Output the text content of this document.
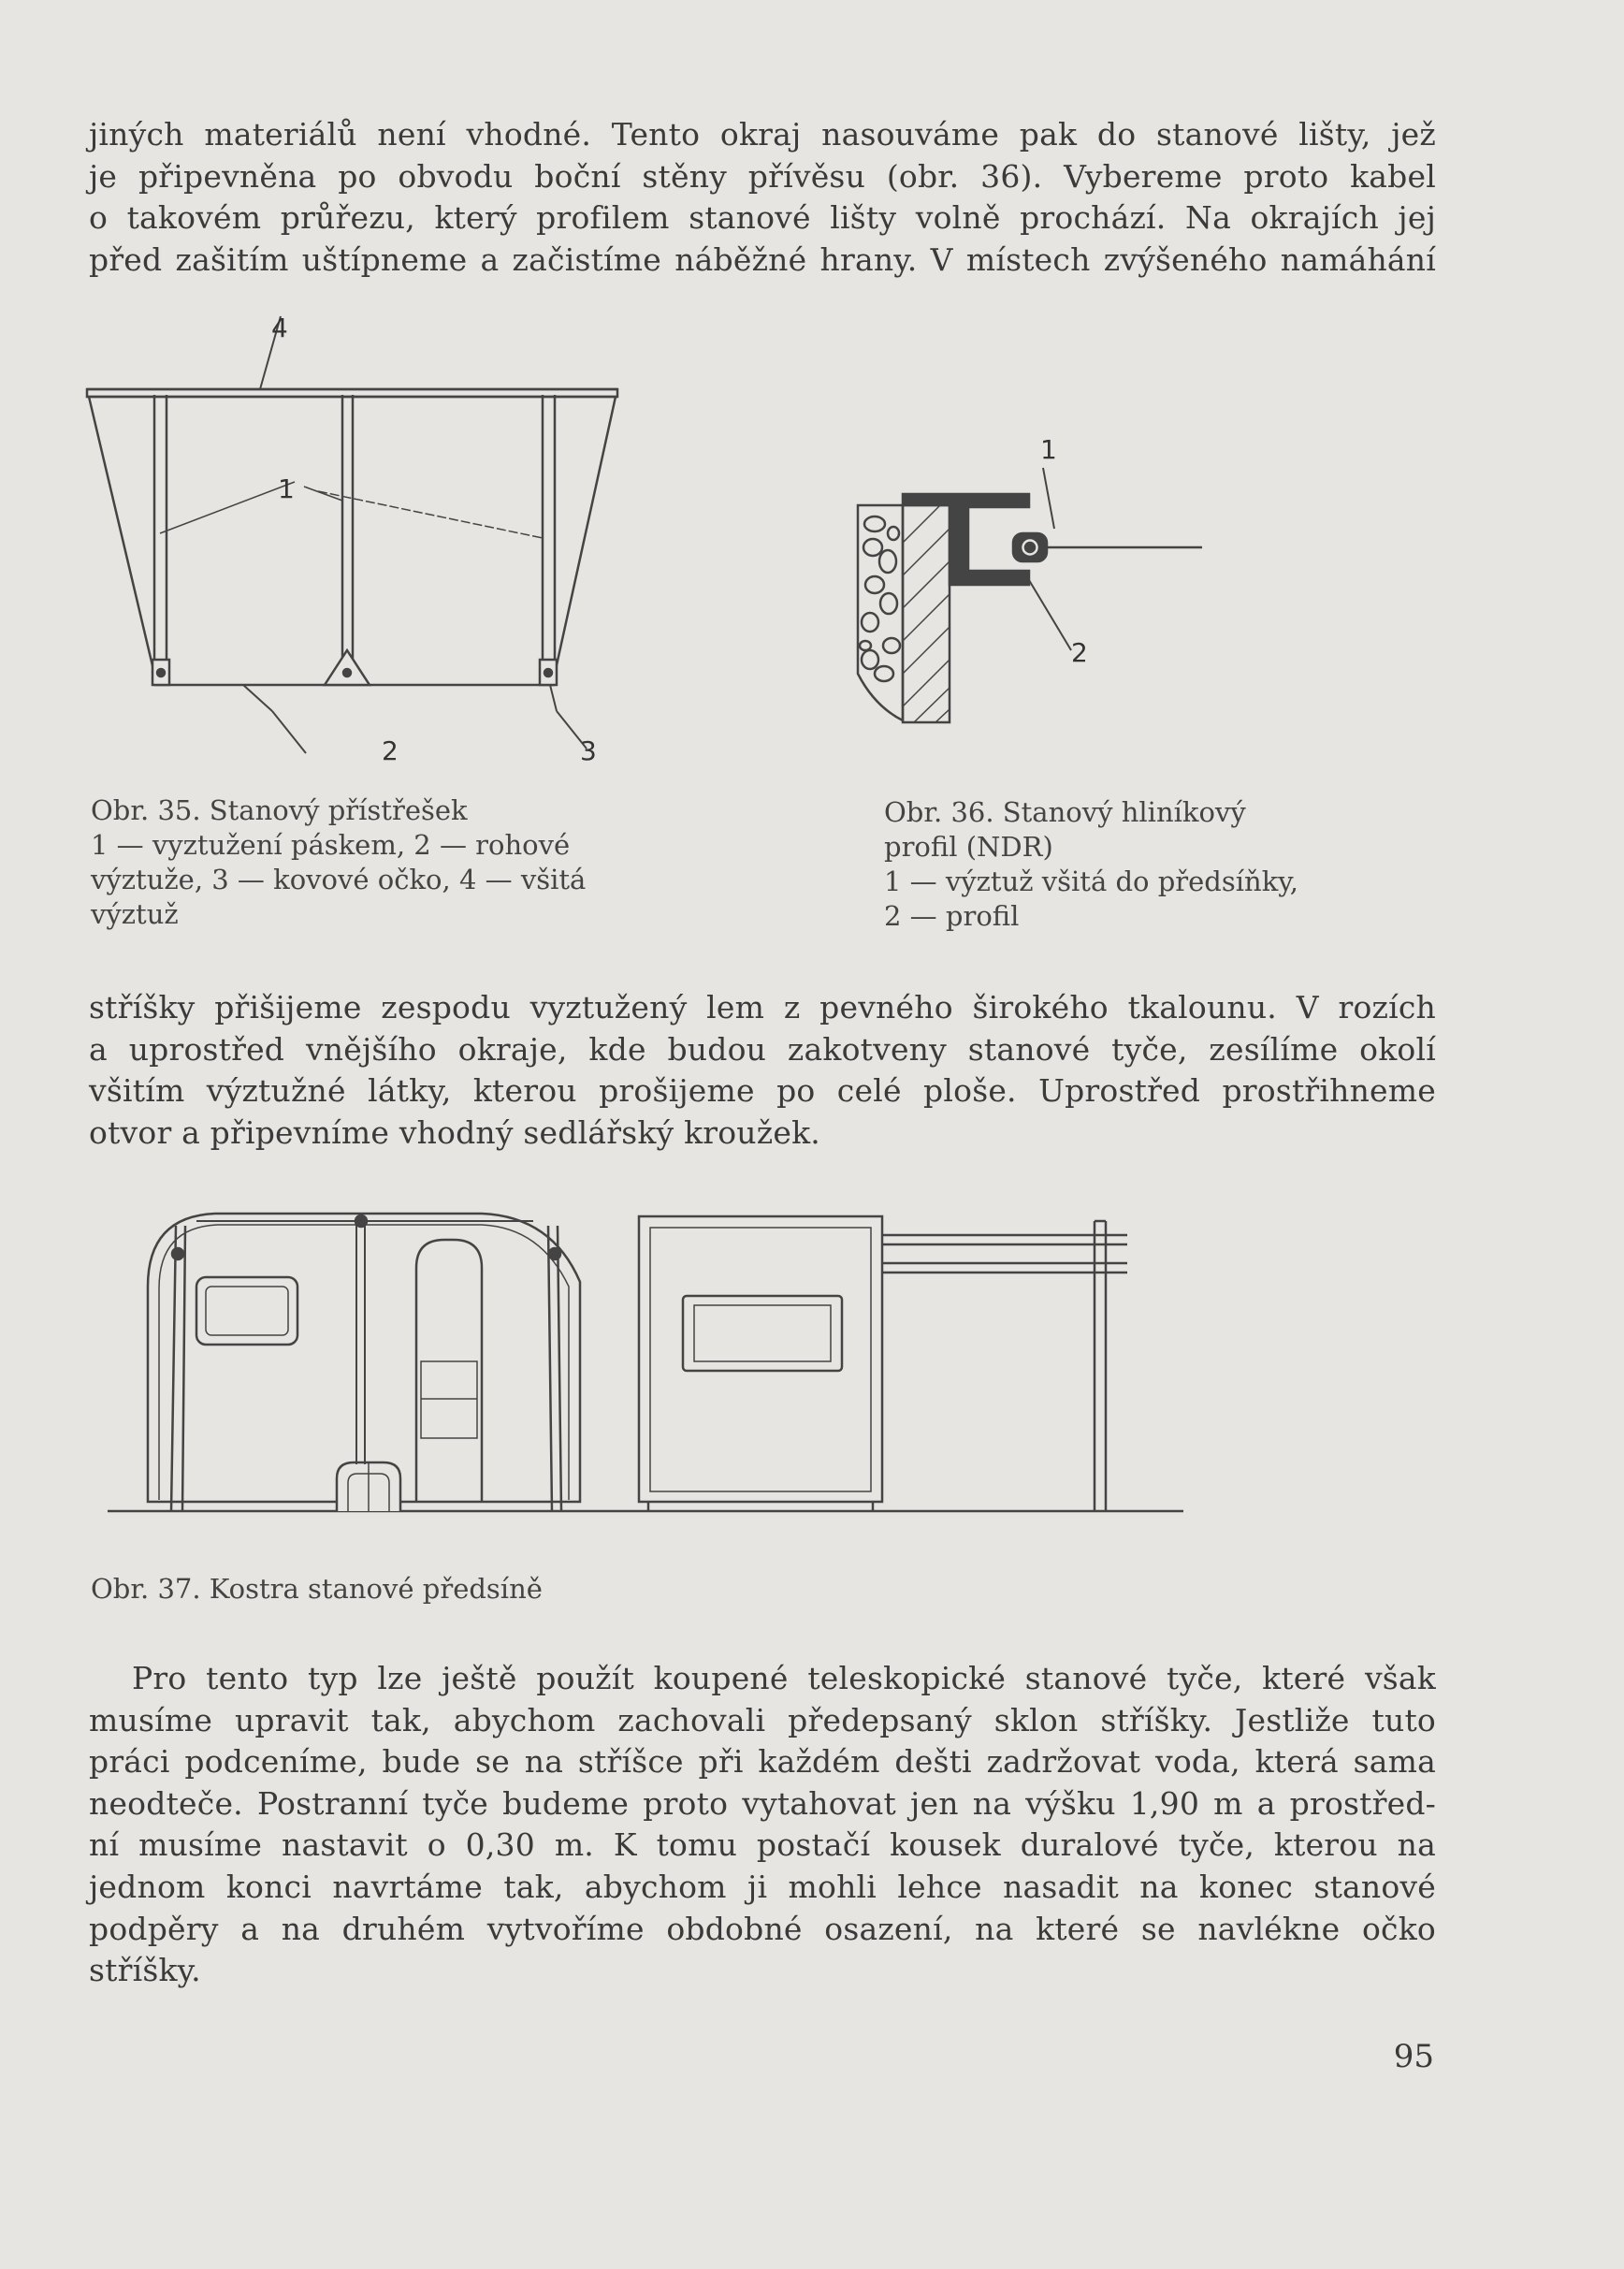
jiných materiálů není vhodné. Tento okraj nasouváme pak do stanové lišty, jež
je připevněna po obvodu boční stěny přívěsu (obr. 36). Vybereme proto kabel
o takovém průřezu, který profilem stanové lišty volně prochází. Na okrajích jej
před zašitím uštípneme a začistíme náběžné hrany. V místech zvýšeného namáhání
4
1
2	3
1
2
Obr. 35. Stanový přístřešek
1 — vyztužení páskem, 2 — rohové
výztuže, 3 — kovové očko, 4 — všitá
výztuž
Obr. 36. Stanový hliníkový
profil (NDR)
1 — výztuž všitá do předsíňky,
2 — profil
stříšky přišijeme zespodu vyztužený lem z pevného širokého tkalounu. V rozích
a uprostřed vnějšího okraje, kde budou zakotveny stanové tyče, zesílíme okolí
všitím výztužné látky, kterou prošijeme po celé ploše. Uprostřed prostřihneme
otvor a připevníme vhodný sedlářský kroužek.
Obr. 37. Kostra stanové předsíně
Pro tento typ lze ještě použít koupené teleskopické stanové tyče, které však
musíme upravit tak, abychom zachovali předepsaný sklon stříšky. Jestliže tuto
práci podceníme, bude se na stříšce při každém dešti zadržovat voda, která sama
neodteče. Postranní tyče budeme proto vytahovat jen na výšku 1,90 m a prostřed-
ní musíme nastavit o 0,30 m. K tomu postačí kousek duralové tyče, kterou na
jednom konci navrtáme tak, abychom ji mohli lehce nasadit na konec stanové
podpěry a na druhém vytvoříme obdobné osazení, na které se navlékne očko
stříšky.
95
